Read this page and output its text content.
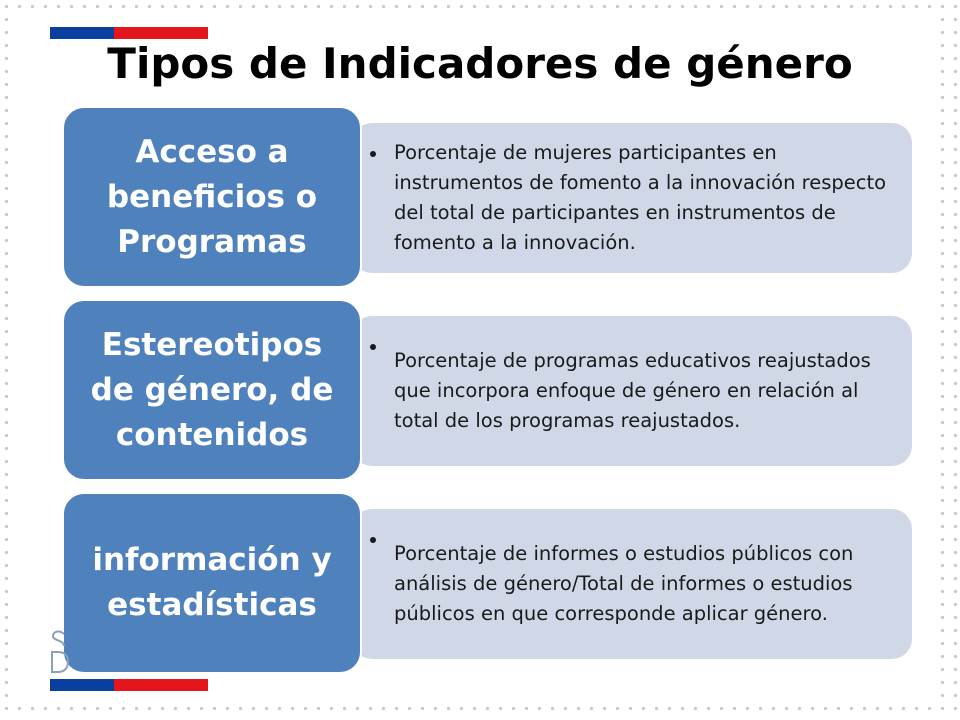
Tipos de Indicadores de género

Porcentaje de mujeres participantes en instrumentos de fomento a la innovación respecto del total de participantes en instrumentos de fomento a la innovación.

Acceso a beneficios o Programas

Porcentaje de programas educativos reajustados que incorpora enfoque de género en relación al total de los programas reajustados.

Estereotipos de género, de contenidos

Porcentaje de informes o estudios públicos con análisis de género/Total de informes o estudios públicos en que corresponde aplicar género.

información y estadísticas
